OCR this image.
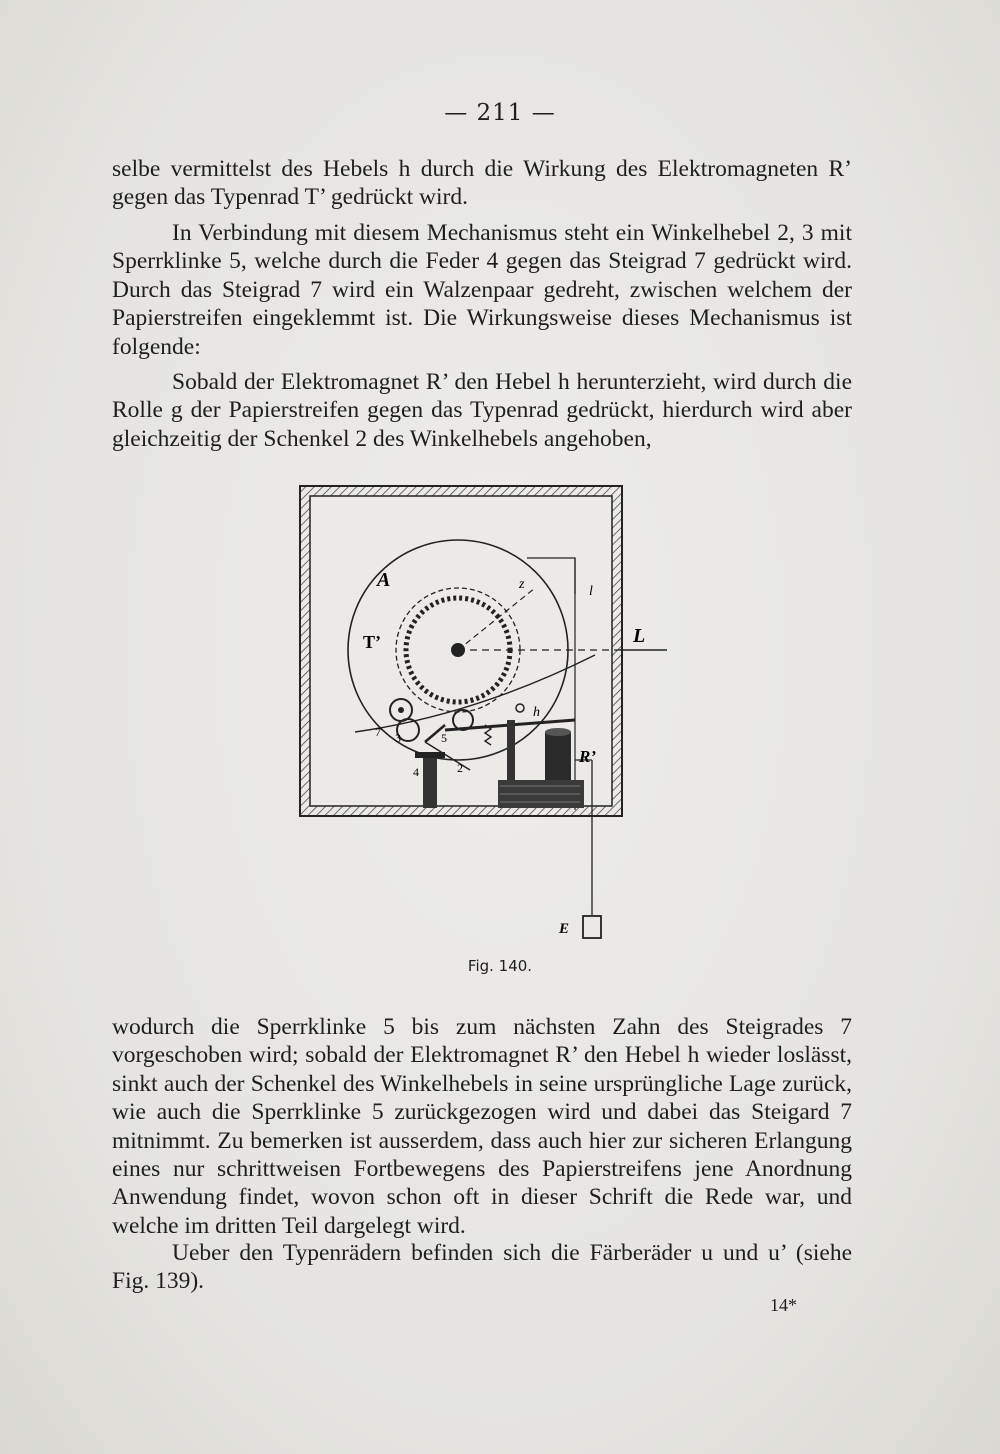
— 211 —

selbe vermittelst des Hebels h durch die Wirkung des Elektromagneten R’ gegen das Typenrad T’ gedrückt wird.

In Verbindung mit diesem Mechanismus steht ein Winkelhebel 2, 3 mit Sperrklinke 5, welche durch die Feder 4 gegen das Steigrad 7 gedrückt wird. Durch das Steigrad 7 wird ein Walzenpaar gedreht, zwischen welchem der Papierstreifen eingeklemmt ist. Die Wirkungsweise dieses Mechanismus ist folgende:

Sobald der Elektromagnet R’ den Hebel h herunterzieht, wird durch die Rolle g der Papierstreifen gegen das Typenrad gedrückt, hierdurch wird aber gleichzeitig der Schenkel 2 des Winkelhebels angehoben,

A
T’	L
R’
E
h
l
z
7 3
4
5
2
Fig. 140.

wodurch die Sperrklinke 5 bis zum nächsten Zahn des Steigrades 7 vorgeschoben wird; sobald der Elektromagnet R’ den Hebel h wieder loslässt, sinkt auch der Schenkel des Winkelhebels in seine ursprüngliche Lage zurück, wie auch die Sperrklinke 5 zurückgezogen wird und dabei das Steigard 7 mitnimmt. Zu bemerken ist ausserdem, dass auch hier zur sicheren Erlangung eines nur schrittweisen Fortbewegens des Papierstreifens jene Anordnung Anwendung findet, wovon schon oft in dieser Schrift die Rede war, und welche im dritten Teil dargelegt wird.

Ueber den Typenrädern befinden sich die Färberäder u und u’ (siehe Fig. 139).

14*
